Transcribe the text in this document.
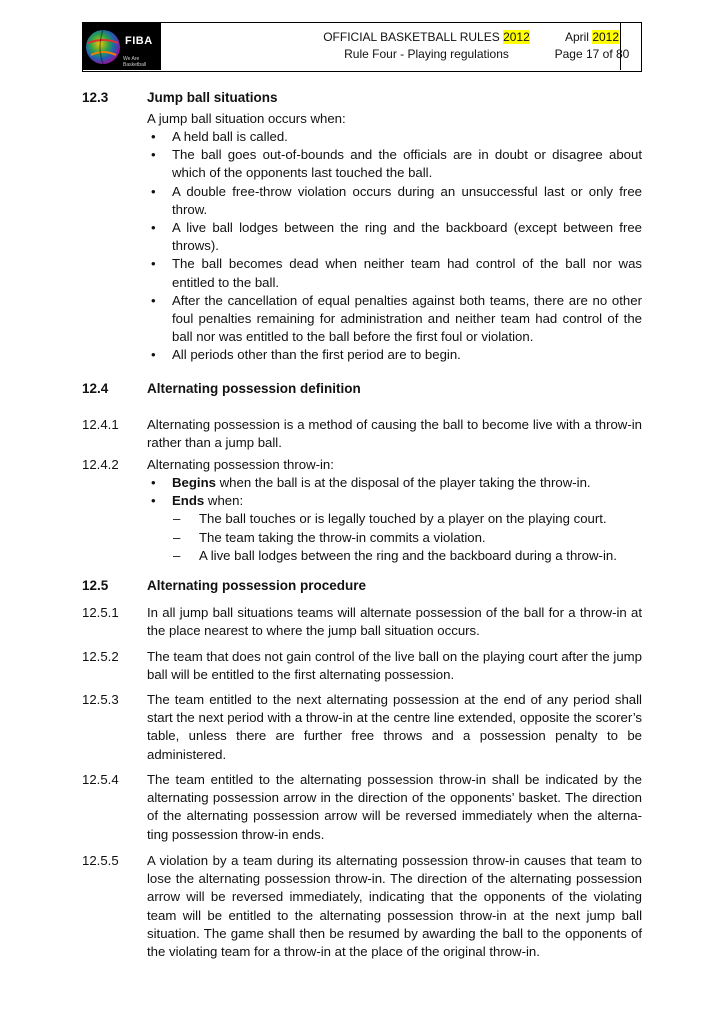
FIBA
We Are Basketball
OFFICIAL BASKETBALL RULES 2012
Rule Four - Playing regulations
April 2012
Page 17 of 80
12.3	Jump ball situations
A jump ball situation occurs when:
• A held ball is called.
• The ball goes out-of-bounds and the officials are in doubt or disagree about which of the opponents last touched the ball.
• A double free-throw violation occurs during an unsuccessful last or only free throw.
• A live ball lodges between the ring and the backboard (except between free throws).
• The ball becomes dead when neither team had control of the ball nor was entitled to the ball.
• After the cancellation of equal penalties against both teams, there are no other foul penalties remaining for administration and neither team had control of the ball nor was entitled to the ball before the first foul or violation.
• All periods other than the first period are to begin.
12.4	Alternating possession definition
12.4.1 Alternating possession is a method of causing the ball to become live with a throw-in rather than a jump ball.
12.4.2 Alternating possession throw-in:
• Begins when the ball is at the disposal of the player taking the throw-in.
• Ends when:
– The ball touches or is legally touched by a player on the playing court.
– The team taking the throw-in commits a violation.
– A live ball lodges between the ring and the backboard during a throw-in.
12.5	Alternating possession procedure
12.5.1 In all jump ball situations teams will alternate possession of the ball for a throw-in at the place nearest to where the jump ball situation occurs.
12.5.2 The team that does not gain control of the live ball on the playing court after the jump ball will be entitled to the first alternating possession.
12.5.3 The team entitled to the next alternating possession at the end of any period shall start the next period with a throw-in at the centre line extended, opposite the scorer’s table, unless there are further free throws and a possession penalty to be administered.
12.5.4 The team entitled to the alternating possession throw-in shall be indicated by the alternating possession arrow in the direction of the opponents’ basket. The direction of the alternating possession arrow will be reversed immediately when the alterna-ting possession throw-in ends.
12.5.5 A violation by a team during its alternating possession throw-in causes that team to lose the alternating possession throw-in. The direction of the alternating possession arrow will be reversed immediately, indicating that the opponents of the violating team will be entitled to the alternating possession throw-in at the next jump ball situation. The game shall then be resumed by awarding the ball to the opponents of the violating team for a throw-in at the place of the original throw-in.
